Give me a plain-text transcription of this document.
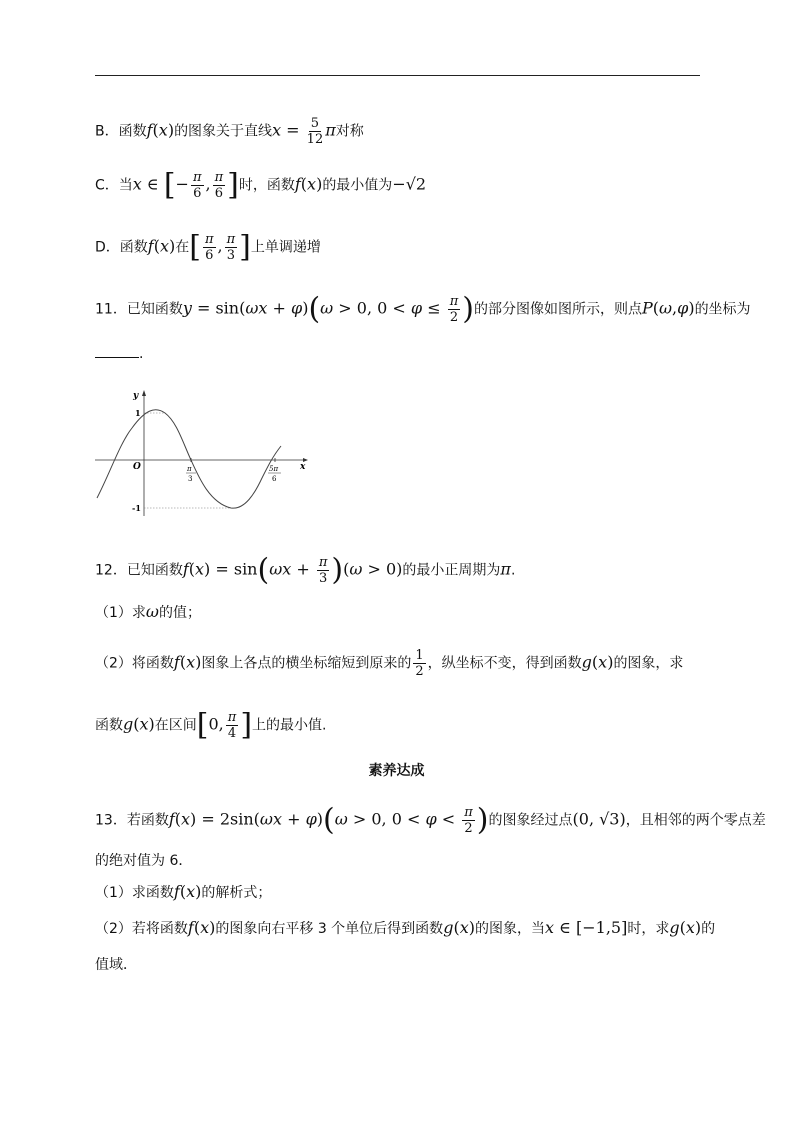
B．函数f(x)的图象关于直线$x = \frac{5}{12}$ π对称
C．当x ∈ [− $\frac{\pi}{6}$ , $\frac{\pi}{6}$ ]时，函数f(x)的最小值为−√2
D．函数f(x)在[ $\frac{\pi}{6}$ , $\frac{\pi}{3}$ ]上单调递增
11．已知函数y = sin(ωx + φ)(ω > 0, $0 < \varphi \le \frac{\pi}{2}$ )的部分图像如图所示，则点P(ω,φ)的坐标为
.
y
x
O
1
-1
π
3
5π
6
12．已知函数$f(x) = \sin(\omega x + \frac{\pi}{3} )(\omega > 0)$的最小正周期为π.
（1）求ω的值；
（2）将函数f(x)图象上各点的横坐标缩短到原来的 $\frac{1}{2}$ ，纵坐标不变，得到函数g(x)的图象，求
函数g(x)在区间[0, $\frac{\pi}{4}$ ]上的最小值.
素养达成
13．若函数f(x) = 2sin(ωx + φ)(ω > 0, $0 < \varphi < \frac{\pi}{2}$ )的图象经过点(0, √3)，且相邻的两个零点差
的绝对值为 6．
（1）求函数f(x)的解析式；
（2）若将函数f(x)的图象向右平移 3 个单位后得到函数g(x)的图象，当x ∈ [−1,5]时，求g(x)的
值域．
